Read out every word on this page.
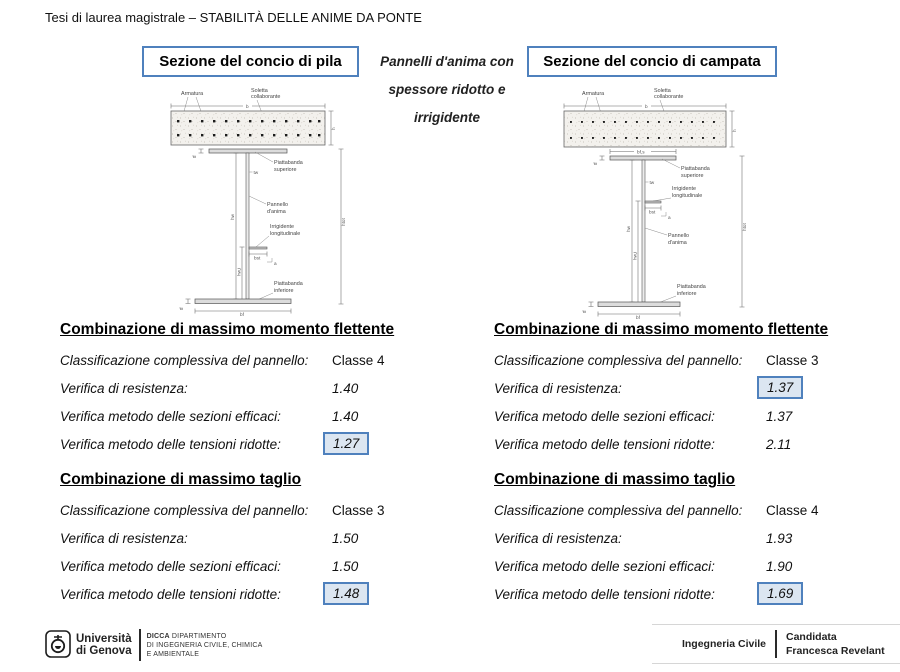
Tesi di laurea magistrale – STABILITÀ DELLE ANIME DA PONTE
Sezione del concio di pila	Pannelli d'anima con
spessore ridotto e
irrigidente
Sezione del concio di campata
Armatura	Soletta
collaborante
b
h
tf
Piattabanda
superiore
tw
Pannello
d'anima
Irrigidente
longitudinale
bst
a
hw
hw,i
htot
Piattabanda
inferiore
tf
bf
Armatura	Soletta
collaborante
b
h
bf,s
tf
Piattabanda
superiore
tw
Irrigidente
longitudinale
bst
a
Pannello
d'anima
hw
hw,i
htot
Piattabanda
inferiore
tf
bf
Combinazione di massimo momento flettente
Classificazione complessiva del pannello: Classe 4
Verifica di resistenza:	1.40
Verifica metodo delle sezioni efficaci:	1.40
Verifica metodo delle tensioni ridotte:	1.27
Combinazione di massimo taglio
Classificazione complessiva del pannello: Classe 3
Verifica di resistenza:	1.50
Verifica metodo delle sezioni efficaci:	1.50
Verifica metodo delle tensioni ridotte:	1.48
Combinazione di massimo momento flettente
Classificazione complessiva del pannello: Classe 3
Verifica di resistenza:	1.37
Verifica metodo delle sezioni efficaci:	1.37
Verifica metodo delle tensioni ridotte:	2.11
Combinazione di massimo taglio
Classificazione complessiva del pannello: Classe 4
Verifica di resistenza:	1.93
Verifica metodo delle sezioni efficaci:	1.90
Verifica metodo delle tensioni ridotte:	1.69
Università
di Genova
DICCA DIPARTIMENTO
DI INGEGNERIA CIVILE, CHIMICA
E AMBIENTALE
Ingegneria Civile
Candidata
Francesca Revelant
